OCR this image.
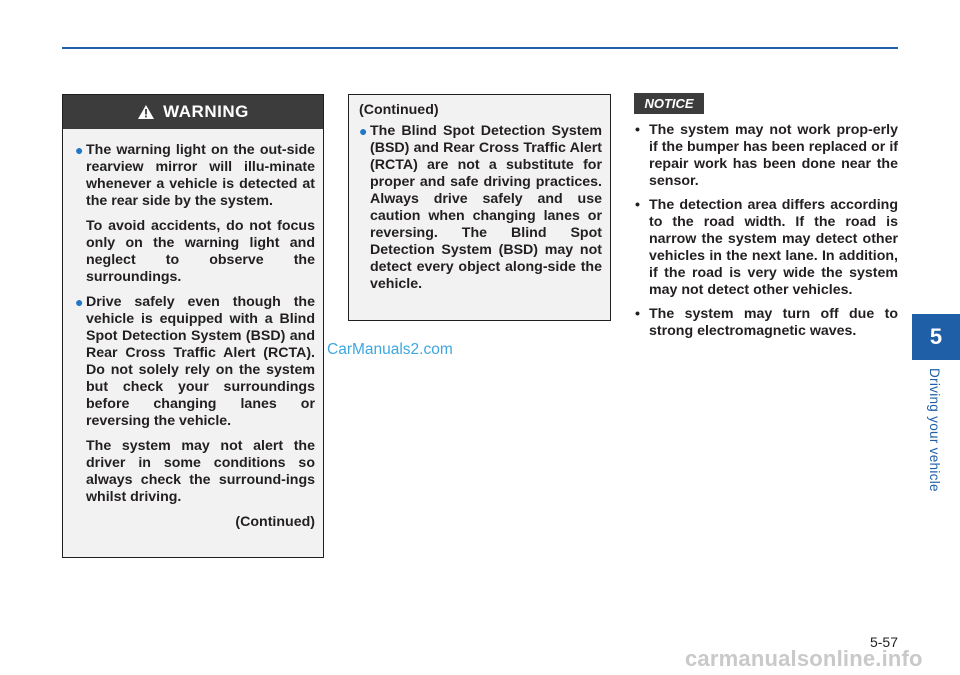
WARNING
● The warning light on the out-side rearview mirror will illu-minate whenever a vehicle is detected at the rear side by the system.
To avoid accidents, do not focus only on the warning light and neglect to observe the surroundings.
● Drive safely even though the vehicle is equipped with a Blind Spot Detection System (BSD) and Rear Cross Traffic Alert (RCTA). Do not solely rely on the system but check your surroundings before changing lanes or reversing the vehicle.
The system may not alert the driver in some conditions so always check the surround-ings whilst driving.
(Continued)
(Continued)
● The Blind Spot Detection System (BSD) and Rear Cross Traffic Alert (RCTA) are not a substitute for proper and safe driving practices. Always drive safely and use caution when changing lanes or reversing. The Blind Spot Detection System (BSD) may not detect every object along-side the vehicle.
NOTICE
• The system may not work prop-erly if the bumper has been replaced or if repair work has been done near the sensor.
• The detection area differs according to the road width. If the road is narrow the system may detect other vehicles in the next lane. In addition, if the road is very wide the system may not detect other vehicles.
• The system may turn off due to strong electromagnetic waves.
CarManuals2.com
5
Driving your vehicle
5-57
carmanualsonline.info
